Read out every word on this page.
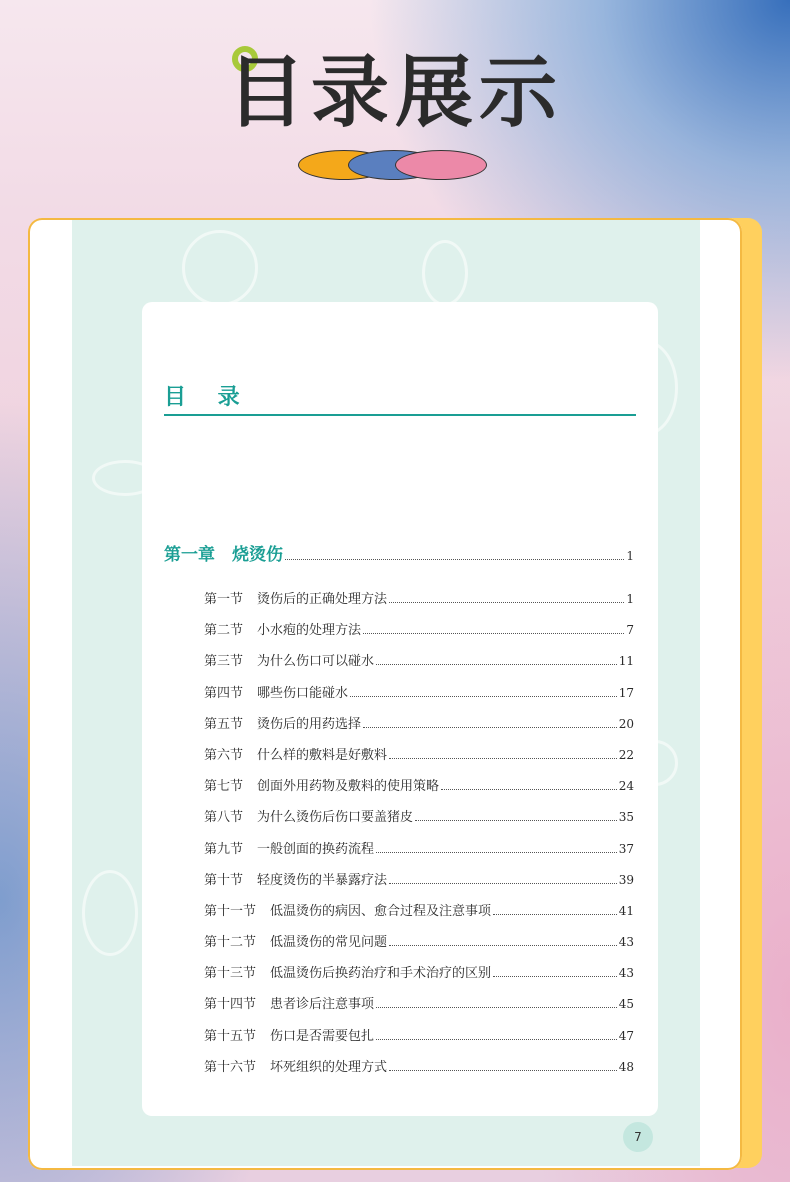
目录展示
目 录
第一章　烧烫伤	1
第一节 烫伤后的正确处理方法	1
第二节 小水疱的处理方法	7
第三节 为什么伤口可以碰水	11
第四节 哪些伤口能碰水	17
第五节 烫伤后的用药选择	20
第六节 什么样的敷料是好敷料	22
第七节 创面外用药物及敷料的使用策略	24
第八节 为什么烫伤后伤口要盖猪皮	35
第九节 一般创面的换药流程	37
第十节 轻度烫伤的半暴露疗法	39
第十一节 低温烫伤的病因、愈合过程及注意事项	41
第十二节 低温烫伤的常见问题	43
第十三节 低温烫伤后换药治疗和手术治疗的区别	43
第十四节 患者诊后注意事项	45
第十五节 伤口是否需要包扎	47
第十六节 坏死组织的处理方式	48
7
